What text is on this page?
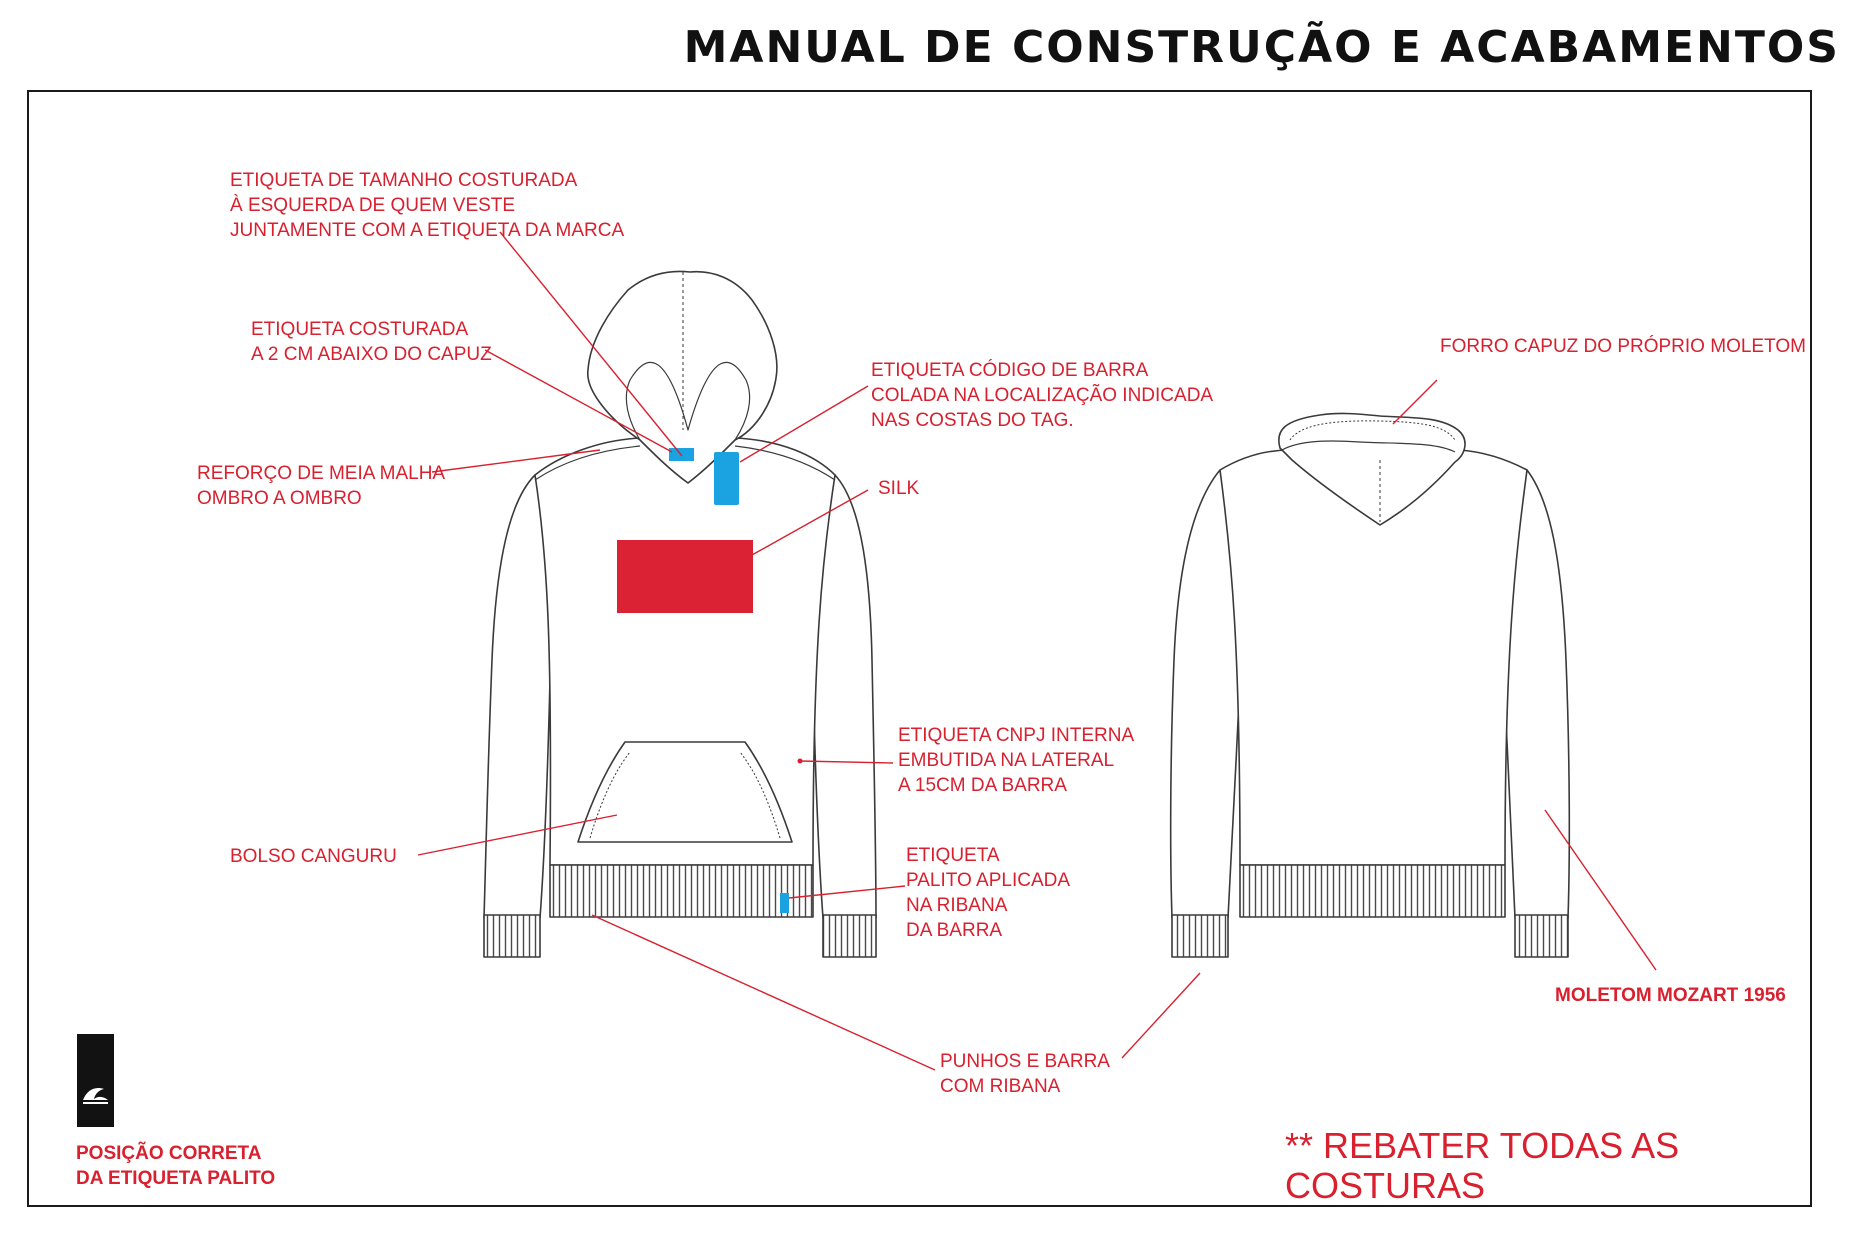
MANUAL DE CONSTRUÇÃO E ACABAMENTOS
ETIQUETA DE TAMANHO COSTURADA
À ESQUERDA DE QUEM VESTE
JUNTAMENTE COM A ETIQUETA DA MARCA
ETIQUETA COSTURADA
A 2 CM ABAIXO DO CAPUZ
ETIQUETA CÓDIGO DE BARRA
COLADA NA LOCALIZAÇÃO INDICADA
NAS COSTAS DO TAG.
REFORÇO DE MEIA MALHA
OMBRO A OMBRO	SILK
ETIQUETA CNPJ INTERNA
EMBUTIDA NA LATERAL
A 15CM DA BARRA
BOLSO CANGURU	ETIQUETA
PALITO APLICADA
NA RIBANA
DA BARRA
PUNHOS E BARRA
COM RIBANA
FORRO CAPUZ DO PRÓPRIO MOLETOM
MOLETOM MOZART 1956
POSIÇÃO CORRETA
DA ETIQUETA PALITO
** REBATER TODAS AS COSTURAS
